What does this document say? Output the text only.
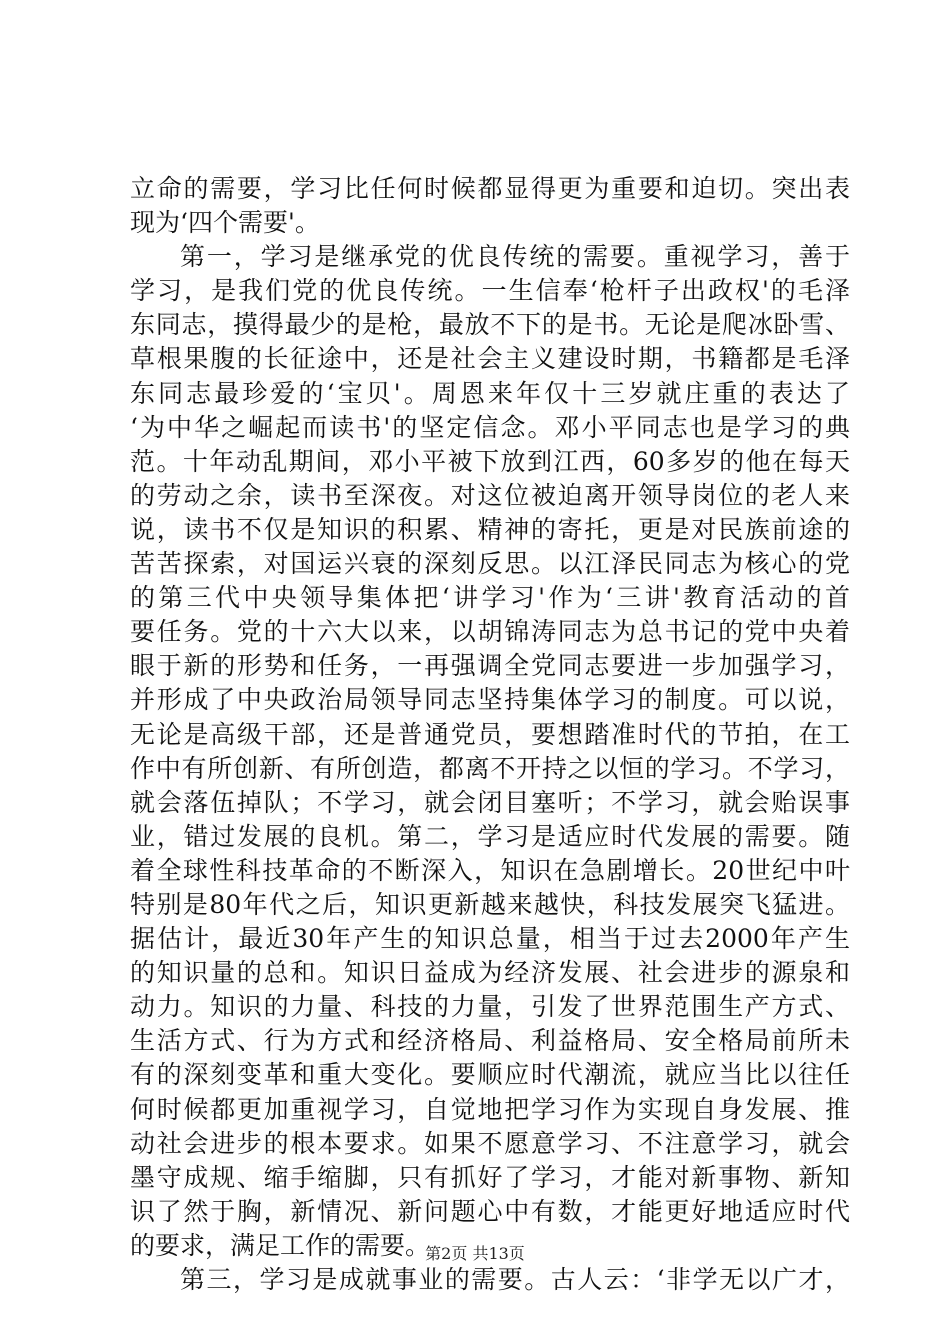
立命的需要，学习比任何时候都显得更为重要和迫切。突出表
现为‘四个需要'。
第一，学习是继承党的优良传统的需要。重视学习，善于
学习，是我们党的优良传统。一生信奉‘枪杆子出政权'的毛泽
东同志，摸得最少的是枪，最放不下的是书。无论是爬冰卧雪、
草根果腹的长征途中，还是社会主义建设时期，书籍都是毛泽
东同志最珍爱的‘宝贝'。周恩来年仅十三岁就庄重的表达了
‘为中华之崛起而读书'的坚定信念。邓小平同志也是学习的典
范。十年动乱期间，邓小平被下放到江西，60多岁的他在每天
的劳动之余，读书至深夜。对这位被迫离开领导岗位的老人来
说，读书不仅是知识的积累、精神的寄托，更是对民族前途的
苦苦探索，对国运兴衰的深刻反思。以江泽民同志为核心的党
的第三代中央领导集体把‘讲学习'作为‘三讲'教育活动的首
要任务。党的十六大以来，以胡锦涛同志为总书记的党中央着
眼于新的形势和任务，一再强调全党同志要进一步加强学习，
并形成了中央政治局领导同志坚持集体学习的制度。可以说，
无论是高级干部，还是普通党员，要想踏准时代的节拍，在工
作中有所创新、有所创造，都离不开持之以恒的学习。不学习，
就会落伍掉队；不学习，就会闭目塞听；不学习，就会贻误事
业，错过发展的良机。第二，学习是适应时代发展的需要。随
着全球性科技革命的不断深入，知识在急剧增长。20世纪中叶
特别是80年代之后，知识更新越来越快，科技发展突飞猛进。
据估计，最近30年产生的知识总量，相当于过去2000年产生
的知识量的总和。知识日益成为经济发展、社会进步的源泉和
动力。知识的力量、科技的力量，引发了世界范围生产方式、
生活方式、行为方式和经济格局、利益格局、安全格局前所未
有的深刻变革和重大变化。要顺应时代潮流，就应当比以往任
何时候都更加重视学习，自觉地把学习作为实现自身发展、推
动社会进步的根本要求。如果不愿意学习、不注意学习，就会
墨守成规、缩手缩脚，只有抓好了学习，才能对新事物、新知
识了然于胸，新情况、新问题心中有数，才能更好地适应时代
的要求，满足工作的需要。
第三，学习是成就事业的需要。古人云：‘非学无以广才，
第2页 共13页
